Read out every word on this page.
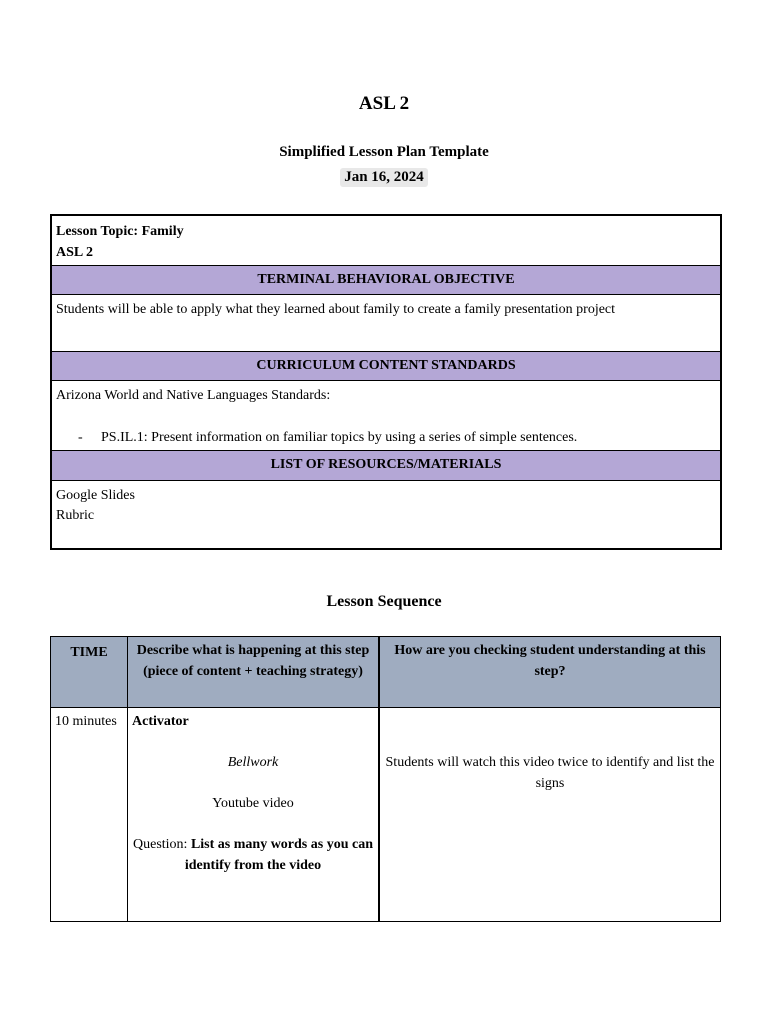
ASL 2
Simplified Lesson Plan Template
Jan 16, 2024
Lesson Topic: Family
ASL 2
TERMINAL BEHAVIORAL OBJECTIVE
Students will be able to apply what they learned about family to create a family presentation project
CURRICULUM CONTENT STANDARDS
Arizona World and Native Languages Standards:
- PS.IL.1: Present information on familiar topics by using a series of simple sentences.
LIST OF RESOURCES/MATERIALS
Google Slides
Rubric
Lesson Sequence
TIME	Describe what is happening at this step
(piece of content + teaching strategy)
How are you checking student understanding at this step?
10 minutes	Activator
Bellwork
Youtube video
Question: List as many words as you can identify from the video
Students will watch this video twice to identify and list the signs
